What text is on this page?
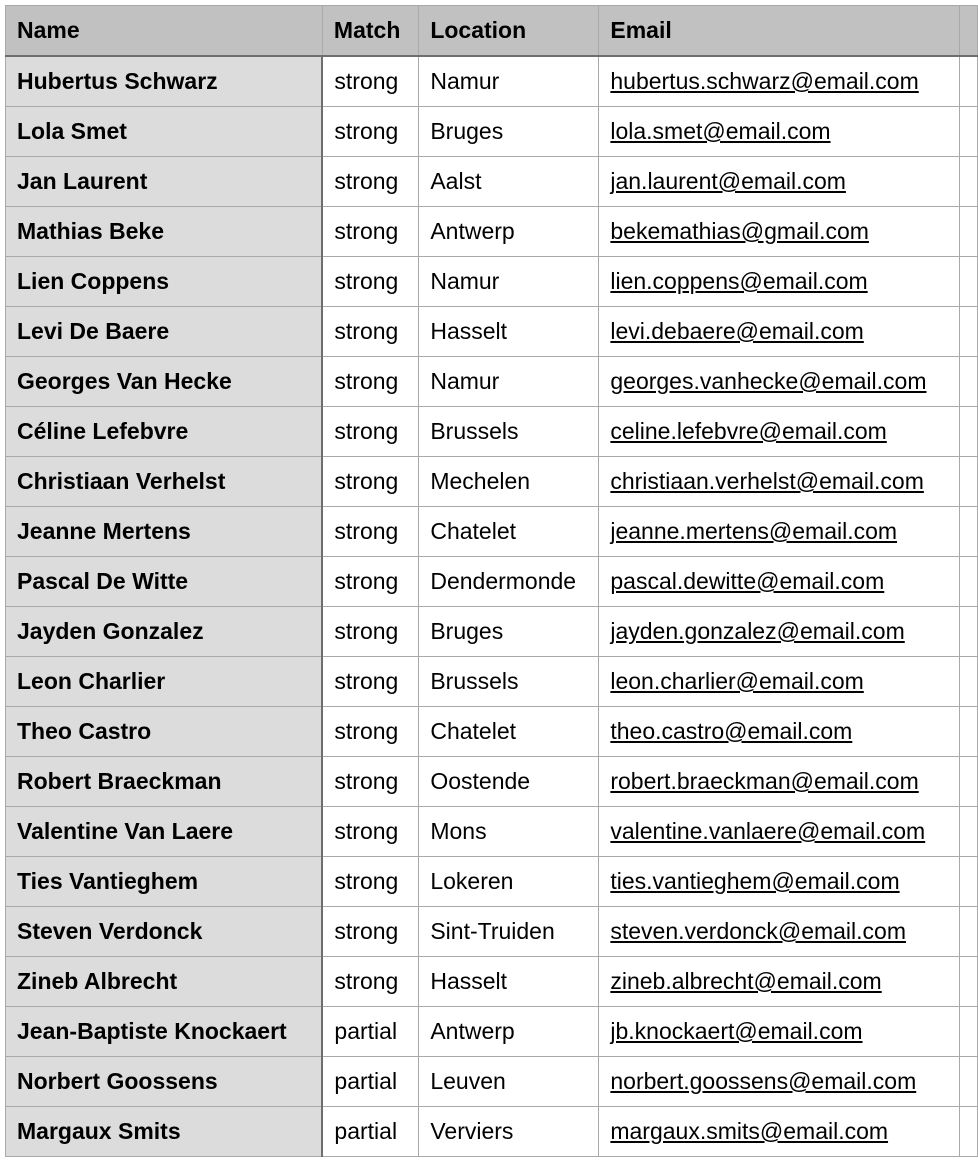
Name	Match	Location	Email	
Hubertus Schwarz	strong	Namur	hubertus.schwarz@email.com	
Lola Smet	strong	Bruges	lola.smet@email.com	
Jan Laurent	strong	Aalst	jan.laurent@email.com	
Mathias Beke	strong	Antwerp	bekemathias@gmail.com	
Lien Coppens	strong	Namur	lien.coppens@email.com	
Levi De Baere	strong	Hasselt	levi.debaere@email.com	
Georges Van Hecke	strong	Namur	georges.vanhecke@email.com	
Céline Lefebvre	strong	Brussels	celine.lefebvre@email.com	
Christiaan Verhelst	strong	Mechelen	christiaan.verhelst@email.com	
Jeanne Mertens	strong	Chatelet	jeanne.mertens@email.com	
Pascal De Witte	strong	Dendermonde	pascal.dewitte@email.com	
Jayden Gonzalez	strong	Bruges	jayden.gonzalez@email.com	
Leon Charlier	strong	Brussels	leon.charlier@email.com	
Theo Castro	strong	Chatelet	theo.castro@email.com	
Robert Braeckman	strong	Oostende	robert.braeckman@email.com	
Valentine Van Laere	strong	Mons	valentine.vanlaere@email.com	
Ties Vantieghem	strong	Lokeren	ties.vantieghem@email.com	
Steven Verdonck	strong	Sint-Truiden	steven.verdonck@email.com	
Zineb Albrecht	strong	Hasselt	zineb.albrecht@email.com	
Jean-Baptiste Knockaert	partial	Antwerp	jb.knockaert@email.com	
Norbert Goossens	partial	Leuven	norbert.goossens@email.com	
Margaux Smits	partial	Verviers	margaux.smits@email.com	
